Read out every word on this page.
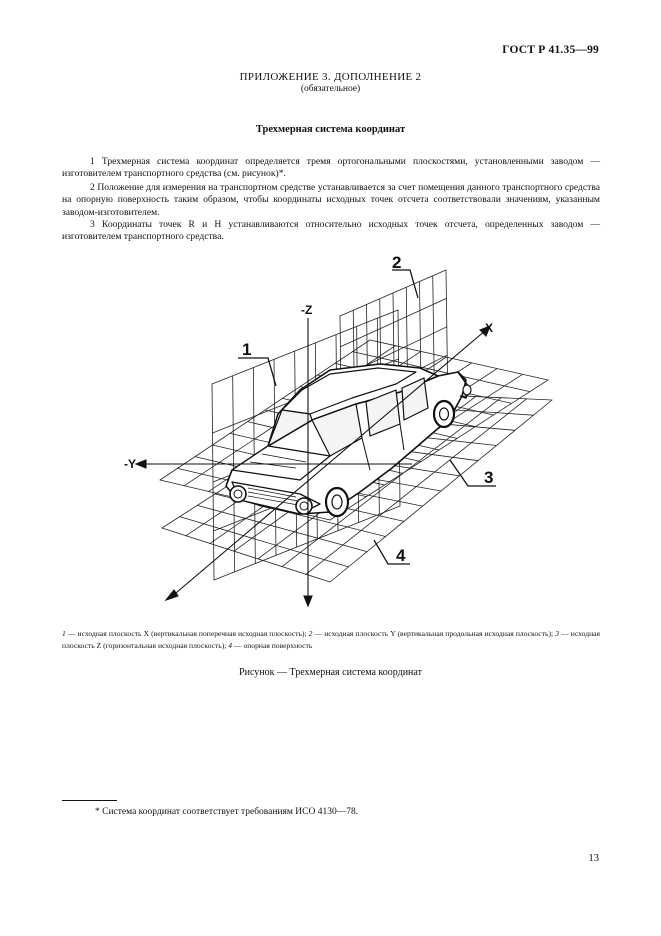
ГОСТ Р 41.35—99
ПРИЛОЖЕНИЕ 3. ДОПОЛНЕНИЕ 2
(обязательное)
Трехмерная система координат
1 Трехмерная система координат определяется тремя ортогональными плоскостями, установленными заводом — изготовителем транспортного средства (см. рисунок)*.
2 Положение для измерения на транспортном средстве устанавливается за счет помещения данного транспортного средства на опорную поверхность таким образом, чтобы координаты исходных точек отсчета соответствовали значениям, указанным заводом-изготовителем.
3 Координаты точек R и H устанавливаются относительно исходных точек отсчета, определенных заводом — изготовителем транспортного средства.
-Z
X
-Y
1
2
3
4
1 — исходная плоскость X (вертикальная поперечная исходная плоскость); 2 — исходная плоскость Y (вертикальная продольная исходная плоскость); 3 — исходная плоскость Z (горизонтальная исходная плоскость); 4 — опорная поверхность
Рисунок — Трехмерная система координат
* Система координат соответствует требованиям ИСО 4130—78.
13
